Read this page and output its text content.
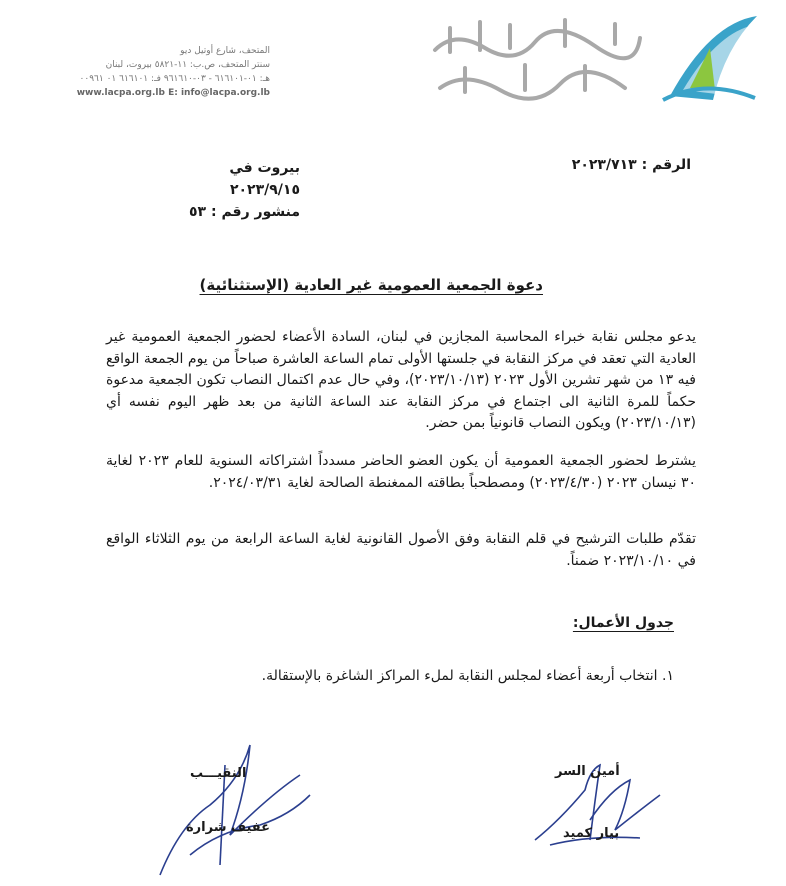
المتحف، شارع أوتيل ديو
سنتر المتحف، ص.ب: ١١-٥٨٢١ بيروت، لبنان
هـ: ٠١-٦١٦١٠١ - ٠٣-٩٦١٦١٠ فـ: ٦١٦١٠١ ٠١ ٠٠٩٦١
www.lacpa.org.lb E: info@lacpa.org.lb
الرقم : ٢٠٢٣/٧١٣
بيروت في ٢٠٢٣/٩/١٥
منشور رقم : ٥٣
دعوة الجمعية العمومية غير العادية (الإستثنائية)
يدعو مجلس نقابة خبراء المحاسبة المجازين في لبنان، السادة الأعضاء لحضور الجمعية العمومية غير العادية التي تعقد في مركز النقابة في جلستها الأولى تمام الساعة العاشرة صباحاً من يوم الجمعة الواقع فيه ١٣ من شهر تشرين الأول ٢٠٢٣ (٢٠٢٣/١٠/١٣)، وفي حال عدم اكتمال النصاب تكون الجمعية مدعوة حكماً للمرة الثانية الى اجتماع في مركز النقابة عند الساعة الثانية من بعد ظهر اليوم نفسه أي (٢٠٢٣/١٠/١٣) ويكون النصاب قانونياً بمن حضر.
يشترط لحضور الجمعية العمومية أن يكون العضو الحاضر مسدداً اشتراكاته السنوية للعام ٢٠٢٣ لغاية ٣٠ نيسان ٢٠٢٣ (٢٠٢٣/٤/٣٠) ومصطحباً بطاقته الممغنطة الصالحة لغاية ٢٠٢٤/٠٣/٣١.
تقدّم طلبات الترشيح في قلم النقابة وفق الأصول القانونية لغاية الساعة الرابعة من يوم الثلاثاء الواقع في ٢٠٢٣/١٠/١٠ ضمناً.
جدول الأعمال:
١. انتخاب أربعة أعضاء لمجلس النقابة لملء المراكز الشاغرة بالإستقالة.
النقيـــب
عفيف شرارة
أمين السر
بيار كميد
